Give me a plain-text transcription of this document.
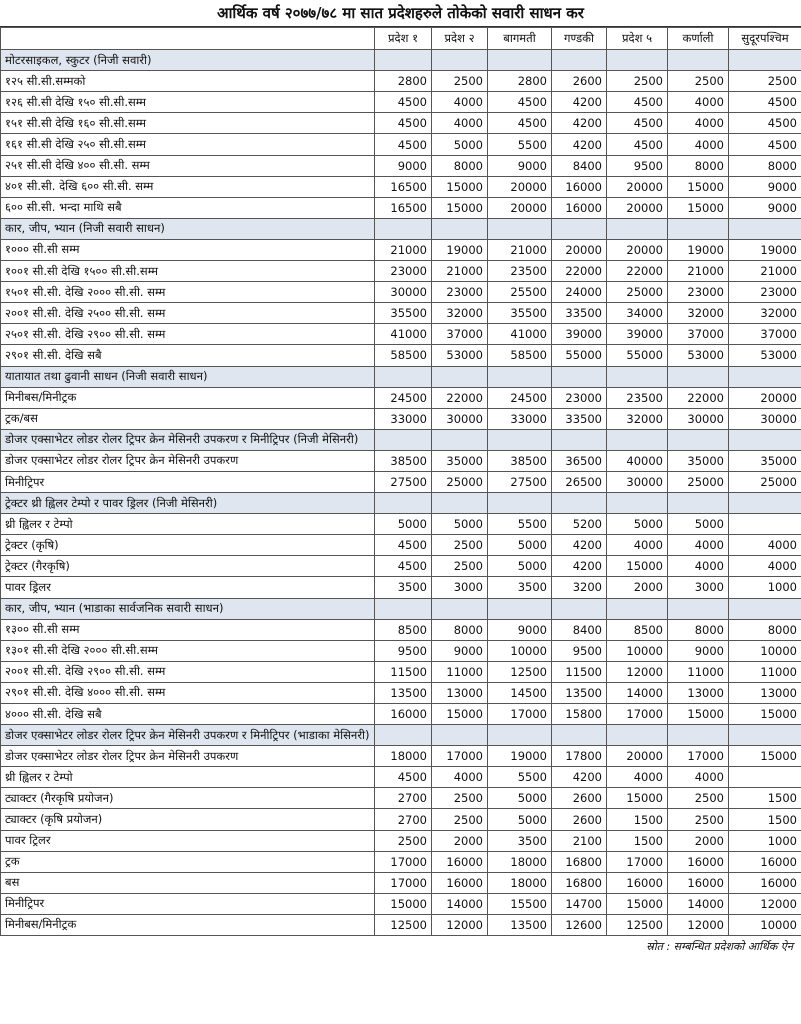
आर्थिक वर्ष २०७७/७८ मा सात प्रदेशहरुले तोकेको सवारी साधन कर
	प्रदेश १	प्रदेश २	बागमती	गण्डकी	प्रदेश ५	कर्णाली	सुदूरपश्चिम
मोटरसाइकल, स्कुटर (निजी सवारी)							
१२५ सी.सी.सम्मको	2800	2500	2800	2600	2500	2500	2500
१२६ सी.सी देखि १५० सी.सी.सम्म	4500	4000	4500	4200	4500	4000	4500
१५१ सी.सी देखि १६० सी.सी.सम्म	4500	4000	4500	4200	4500	4000	4500
१६१ सी.सी देखि २५० सी.सी.सम्म	4500	5000	5500	4200	4500	4000	4500
२५१ सी.सी देखि ४०० सी.सी. सम्म	9000	8000	9000	8400	9500	8000	8000
४०१ सी.सी. देखि ६०० सी.सी. सम्म	16500	15000	20000	16000	20000	15000	9000
६०० सी.सी. भन्दा माथि सबै	16500	15000	20000	16000	20000	15000	9000
कार, जीप, भ्यान (निजी सवारी साधन)							
१००० सी.सी सम्म	21000	19000	21000	20000	20000	19000	19000
१००१ सी.सी देखि १५०० सी.सी.सम्म	23000	21000	23500	22000	22000	21000	21000
१५०१ सी.सी. देखि २००० सी.सी. सम्म	30000	23000	25500	24000	25000	23000	23000
२००१ सी.सी. देखि २५०० सी.सी. सम्म	35500	32000	35500	33500	34000	32000	32000
२५०१ सी.सी. देखि २९०० सी.सी. सम्म	41000	37000	41000	39000	39000	37000	37000
२९०१ सी.सी. देखि सबै	58500	53000	58500	55000	55000	53000	53000
यातायात तथा ढुवानी साधन (निजी सवारी साधन)							
मिनीबस/मिनीट्रक	24500	22000	24500	23000	23500	22000	20000
ट्रक/बस	33000	30000	33000	33500	32000	30000	30000
डोजर एक्साभेटर लोडर रोलर ट्रिपर क्रेन मेसिनरी उपकरण र मिनीट्रिपर (निजी मेसिनरी)							
डोजर एक्साभेटर लोडर रोलर ट्रिपर क्रेन मेसिनरी उपकरण	38500	35000	38500	36500	40000	35000	35000
मिनीट्रिपर	27500	25000	27500	26500	30000	25000	25000
ट्रेक्टर थ्री ह्विलर टेम्पो र पावर ड्रिलर (निजी मेसिनरी)							
थ्री ह्विलर र टेम्पो	5000	5000	5500	5200	5000	5000	
ट्रेक्टर (कृषि)	4500	2500	5000	4200	4000	4000	4000
ट्रेक्टर (गैरकृषि)	4500	2500	5000	4200	15000	4000	4000
पावर ड्रिलर	3500	3000	3500	3200	2000	3000	1000
कार, जीप, भ्यान (भाडाका सार्वजनिक सवारी साधन)							
१३०० सी.सी सम्म	8500	8000	9000	8400	8500	8000	8000
१३०१ सी.सी देखि २००० सी.सी.सम्म	9500	9000	10000	9500	10000	9000	10000
२००१ सी.सी. देखि २९०० सी.सी. सम्म	11500	11000	12500	11500	12000	11000	11000
२९०१ सी.सी. देखि ४००० सी.सी. सम्म	13500	13000	14500	13500	14000	13000	13000
४००० सी.सी. देखि सबै	16000	15000	17000	15800	17000	15000	15000
डोजर एक्साभेटर लोडर रोलर ट्रिपर क्रेन मेसिनरी उपकरण र मिनीट्रिपर (भाडाका मेसिनरी)							
डोजर एक्साभेटर लोडर रोलर ट्रिपर क्रेन मेसिनरी उपकरण	18000	17000	19000	17800	20000	17000	15000
थ्री ह्विलर र टेम्पो	4500	4000	5500	4200	4000	4000	
ट्याक्टर (गैरकृषि प्रयोजन)	2700	2500	5000	2600	15000	2500	1500
ट्याक्टर (कृषि प्रयोजन)	2700	2500	5000	2600	1500	2500	1500
पावर ट्रिलर	2500	2000	3500	2100	1500	2000	1000
ट्रक	17000	16000	18000	16800	17000	16000	16000
बस	17000	16000	18000	16800	16000	16000	16000
मिनीट्रिपर	15000	14000	15500	14700	15000	14000	12000
मिनीबस/मिनीट्रक	12500	12000	13500	12600	12500	12000	10000
स्रोत : सम्बन्धित प्रदेशको आर्थिक ऐन
